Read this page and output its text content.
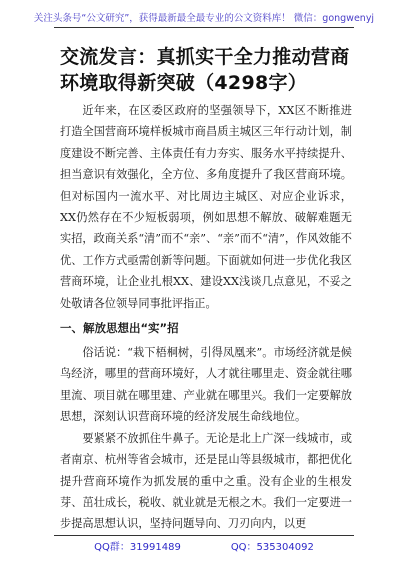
关注头条号“公文研究”，获得最新最全最专业的公文资料库！ 微信：gongwenyj
交流发言：真抓实干全力推动营商环境取得新突破（4298字）

近年来，在区委区政府的坚强领导下，XX区不断推进打造全国营商环境样板城市商昌质主城区三年行动计划，制度建设不断完善、主体责任有力夯实、服务水平持续提升、担当意识有效强化，全方位、多角度提升了我区营商环境。但对标国内一流水平、对比周边主城区、对应企业诉求，XX仍然存在不少短板弱项，例如思想不解放、破解难题无实招，政商关系“清”而不“亲”、“亲”而不“清”，作风效能不优、工作方式亟需创新等问题。下面就如何进一步优化我区营商环境，让企业扎根XX、建设XX浅谈几点意见，不妥之处敬请各位领导同事批评指正。

一、解放思想出“实”招

俗话说：“栽下梧桐树，引得凤凰来”。市场经济就是候鸟经济，哪里的营商环境好，人才就往哪里走、资金就往哪里流、项目就在哪里建、产业就在哪里兴。我们一定要解放思想，深刻认识营商环境的经济发展生命线地位。

要紧紧不放抓住牛鼻子。无论是北上广深一线城市，或者南京、杭州等省会城市，还是昆山等县级城市，都把优化提升营商环境作为抓发展的重中之重。没有企业的生根发芽、茁壮成长，税收、就业就是无根之木。我们一定要进一步提高思想认识，坚持问题导向、刀刃向内，以更

QQ群：31991489	QQ：535304092
